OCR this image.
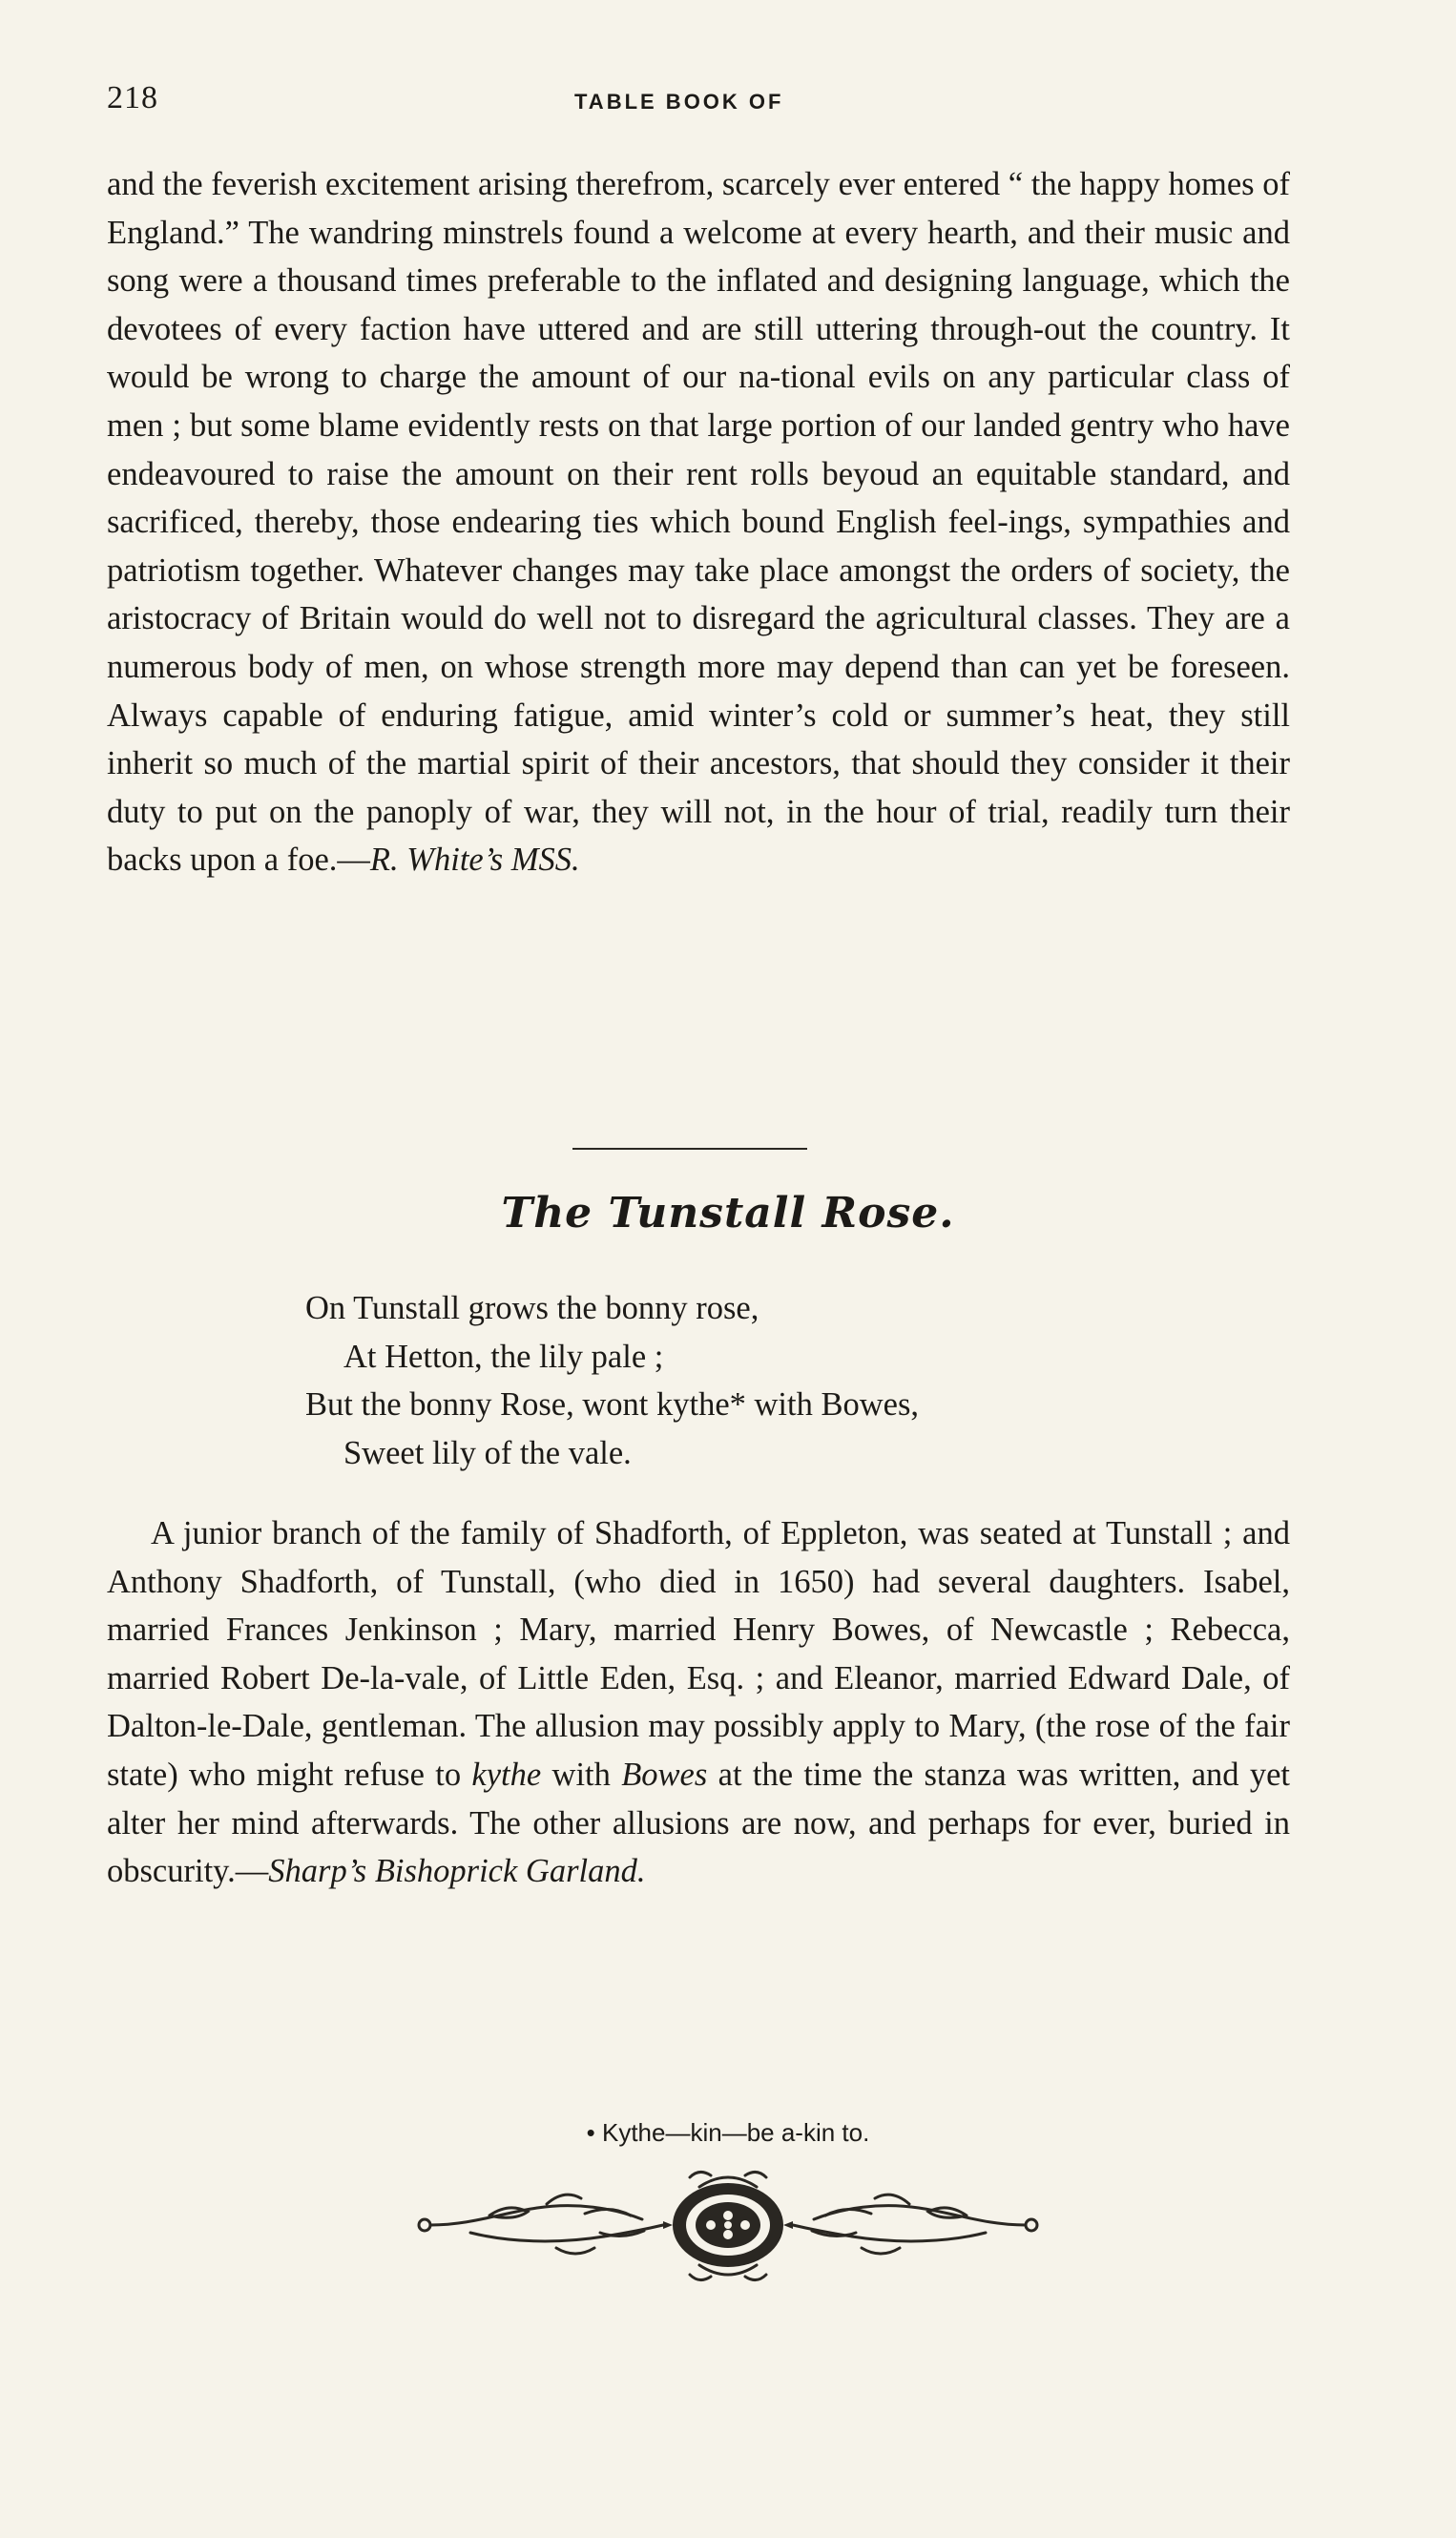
218	TABLE BOOK OF

and the feverish excitement arising therefrom, scarcely ever entered “ the happy homes of England.” The wandring minstrels found a welcome at every hearth, and their music and song were a thousand times preferable to the inflated and designing language, which the devotees of every faction have uttered and are still uttering through-out the country. It would be wrong to charge the amount of our na-tional evils on any particular class of men ; but some blame evidently rests on that large portion of our landed gentry who have endeavoured to raise the amount on their rent rolls beyoud an equitable standard, and sacrificed, thereby, those endearing ties which bound English feel-ings, sympathies and patriotism together. Whatever changes may take place amongst the orders of society, the aristocracy of Britain would do well not to disregard the agricultural classes. They are a numerous body of men, on whose strength more may depend than can yet be foreseen. Always capable of enduring fatigue, amid winter’s cold or summer’s heat, they still inherit so much of the martial spirit of their ancestors, that should they consider it their duty to put on the panoply of war, they will not, in the hour of trial, readily turn their backs upon a foe.—R. White’s MSS.

The Tunstall Rose.
On Tunstall grows the bonny rose,
At Hetton, the lily pale ;
But the bonny Rose, wont kythe* with Bowes,
Sweet lily of the vale.

A junior branch of the family of Shadforth, of Eppleton, was seated at Tunstall ; and Anthony Shadforth, of Tunstall, (who died in 1650) had several daughters. Isabel, married Frances Jenkinson ; Mary, married Henry Bowes, of Newcastle ; Rebecca, married Robert De-la-vale, of Little Eden, Esq. ; and Eleanor, married Edward Dale, of Dalton-le-Dale, gentleman. The allusion may possibly apply to Mary, (the rose of the fair state) who might refuse to kythe with Bowes at the time the stanza was written, and yet alter her mind afterwards. The other allusions are now, and perhaps for ever, buried in obscurity.—Sharp’s Bishoprick Garland.

• Kythe—kin—be a-kin to.
